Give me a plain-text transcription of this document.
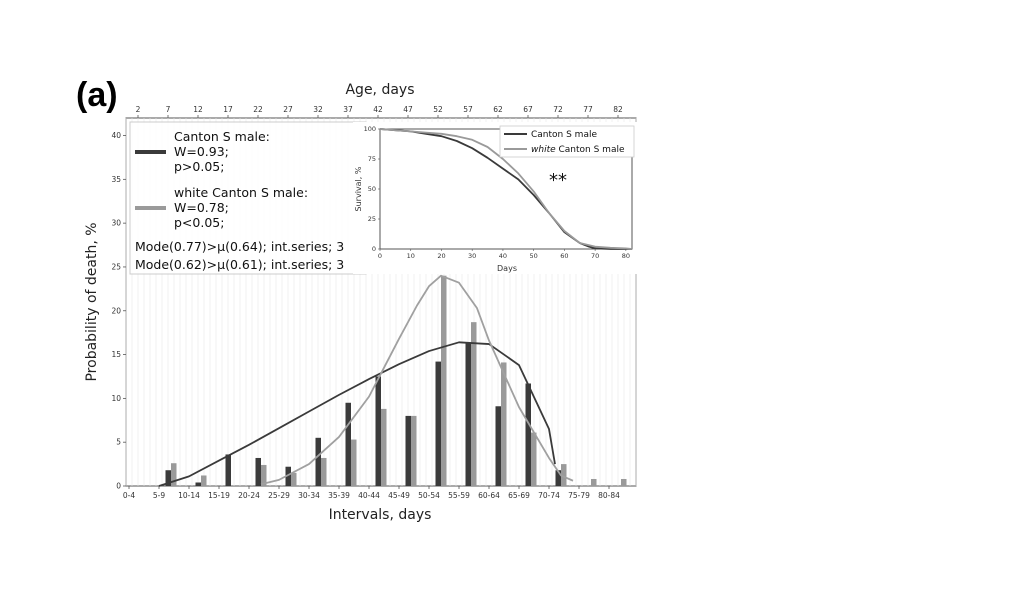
(a) 2	7	12	17	22	27	32	37	42	47	52	57	62	67	72	77	82
0-4 5-9 10-14 15-19 20-24 25-29 30-34 35-39 40-44 45-49 50-54 55-59 60-64 65-69 70-74 75-79 80-84
0
5
10
15
20
25
30
35
40
Age, days
Intervals, days
Probability of death, %
Canton S male:
W=0.93;
p>0.05;
white Canton S male:
W=0.78;
p<0.05;
Mode(0.77)>μ(0.64); int.series; 3
Mode(0.62)>μ(0.61); int.series; 3
0	10	20	30	40	50	60	70	80
0
25
50
75
100
Days
Survival, %	**
Canton S male
white Canton S male
